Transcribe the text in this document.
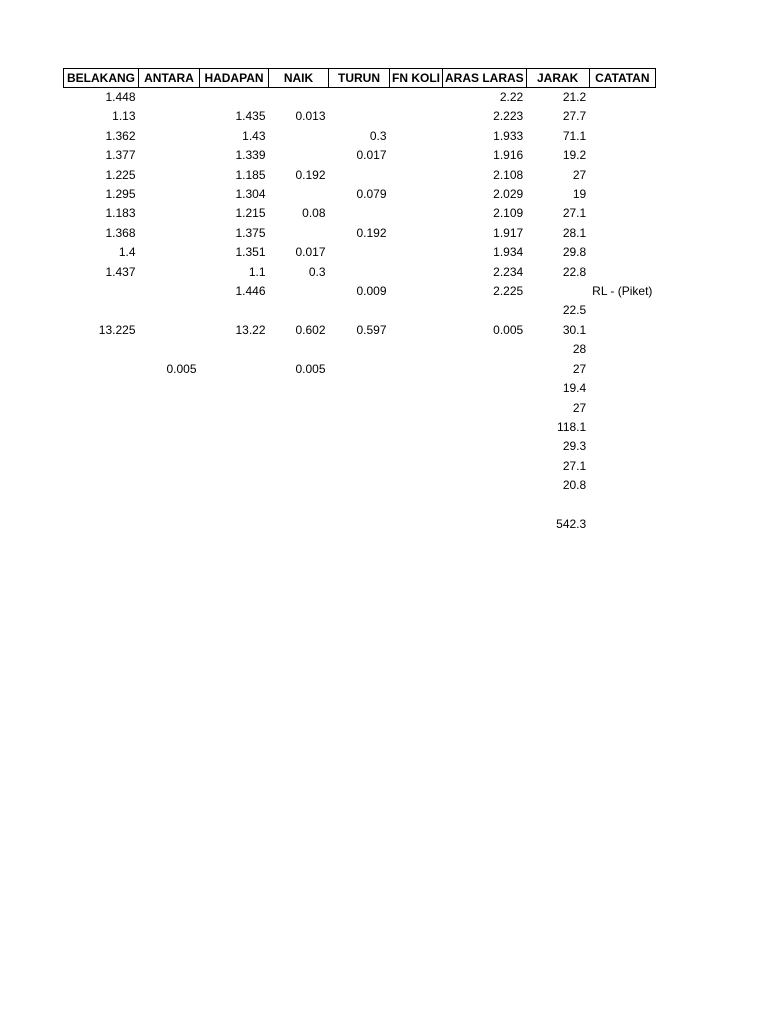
BELAKANG	ANTARA	HADAPAN	NAIK	TURUN	FN KOLI	ARAS LARAS	JARAK	CATATAN
1.448						2.22	21.2	
1.13		1.435	0.013			2.223	27.7	
1.362		1.43		0.3		1.933	71.1	
1.377		1.339		0.017		1.916	19.2	
1.225		1.185	0.192			2.108	27	
1.295		1.304		0.079		2.029	19	
1.183		1.215	0.08			2.109	27.1	
1.368		1.375		0.192		1.917	28.1	
1.4		1.351	0.017			1.934	29.8	
1.437		1.1	0.3			2.234	22.8	
		1.446		0.009		2.225		RL - (Piket)
							22.5	
13.225		13.22	0.602	0.597		0.005	30.1	
							28	
	0.005		0.005				27	
							19.4	
							27	
							118.1	
							29.3	
							27.1	
							20.8	

							542.3	
